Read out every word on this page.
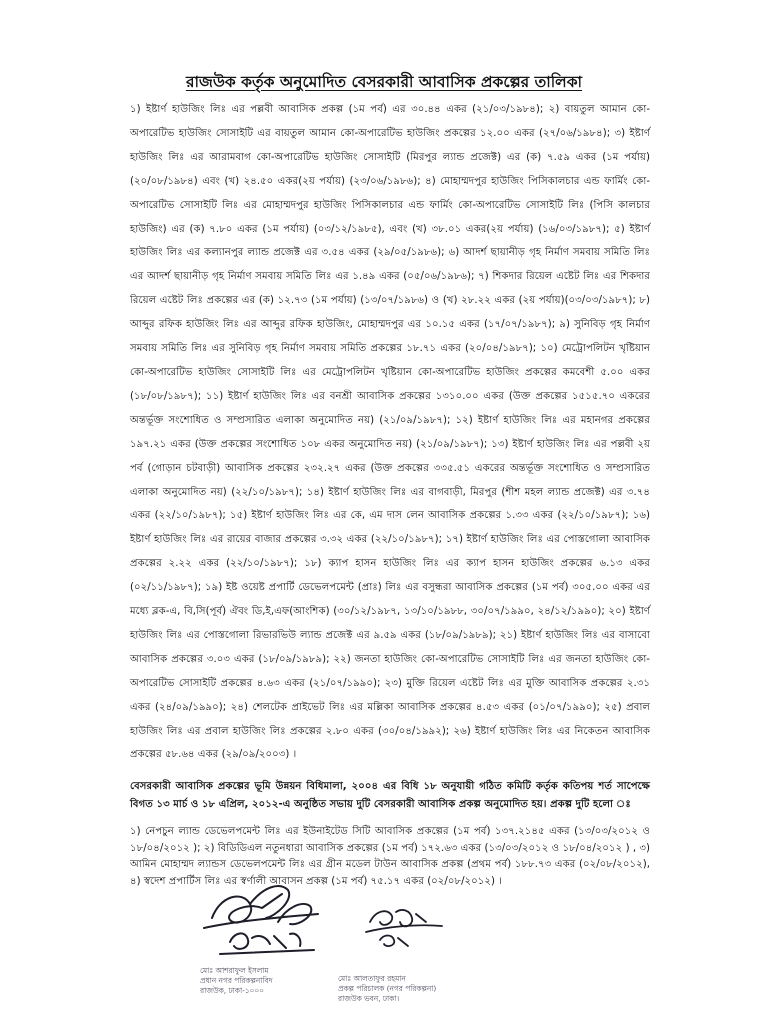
রাজউক কর্তৃক অনুমোদিত বেসরকারী আবাসিক প্রকল্পের তালিকা
১) ইষ্টার্ণ হাউজিং লিঃ এর পল্লবী আবাসিক প্রকল্প (১ম পর্ব) এর ৩০.৪৪ একর (২১/০৩/১৯৮৪); ২) বায়তুল আমান কো-অপারেটিভ হাউজিং সোসাইটি এর বায়তুল আমান কো-অপারেটিভ হাউজিং প্রকল্পের ১২.০০ একর (২৭/০৬/১৯৮৪); ৩) ইষ্টার্ণ হাউজিং লিঃ এর আরামবাগ কো-অপারেটিভ হাউজিং সোসাইটি (মিরপুর ল্যান্ড প্রজেক্ট) এর (ক) ৭.৫৯ একর (১ম পর্যায়) (২০/০৮/১৯৮৪) এবং (খ) ২৪.৫০ একর(২য় পর্যায়) (২৩/০৬/১৯৮৬); ৪) মোহাম্মদপুর হাউজিং পিসিকালচার এন্ড ফার্মিং কো-অপারেটিভ সোসাইটি লিঃ এর মোহাম্মদপুর হাউজিং পিসিকালচার এন্ড ফার্মিং কো-অপারেটিভ সোসাইটি লিঃ (পিসি কালচার হাউজিং) এর (ক) ৭.৮০ একর (১ম পর্যায়) (০৩/১২/১৯৮৫), এবং (খ) ৩৮.০১ একর(২য় পর্যায়) (১৬/০৩/১৯৮৭); ৫) ইষ্টার্ণ হাউজিং লিঃ এর কল্যানপুর ল্যান্ড প্রজেক্ট এর ৩.৫৪ একর (২৯/০৫/১৯৮৬); ৬) আদর্শ ছায়ানীড় গৃহ নির্মাণ সমবায় সমিতি লিঃ এর আদর্শ ছায়ানীড় গৃহ নির্মাণ সমবায় সমিতি লিঃ এর ১.৪৯ একর (০৫/০৬/১৯৮৬); ৭) শিকদার রিয়েল এষ্টেট লিঃ এর শিকদার রিয়েল এষ্টেট লিঃ প্রকল্পের এর (ক) ১২.৭৩ (১ম পর্যায়) (১৩/০৭/১৯৮৬) ও (খ) ২৮.২২ একর (২য় পর্যায়)(০৩/০৩/১৯৮৭); ৮) আব্দুর রফিক হাউজিং লিঃ এর আব্দুর রফিক হাউজিং, মোহাম্মদপুর এর ১০.১৫ একর (১৭/০৭/১৯৮৭); ৯) সুনিবিড় গৃহ নির্মাণ সমবায় সমিতি লিঃ এর সুনিবিড় গৃহ নির্মাণ সমবায় সমিতি প্রকল্পের ১৮.৭১ একর (২০/০৪/১৯৮৭); ১০) মেট্রোপলিটন খৃষ্টিয়ান কো-অপারেটিভ হাউজিং সোসাইটি লিঃ এর মেট্রোপলিটন খৃষ্টিয়ান কো-অপারেটিভ হাউজিং প্রকল্পের কমবেশী ৫.০০ একর (১৮/০৮/১৯৮৭); ১১) ইষ্টার্ণ হাউজিং লিঃ এর বনশ্রী আবাসিক প্রকল্পের ১৩১০.০০ একর (উক্ত প্রকল্পের ১৫১৫.৭০ একরের অন্তর্ভূক্ত সংশোধিত ও সম্প্রসারিত এলাকা অনুমোদিত নয়) (২১/০৯/১৯৮৭); ১২) ইষ্টার্ণ হাউজিং লিঃ এর মহানগর প্রকল্পের ১৯৭.২১ একর (উক্ত প্রকল্পের সংশোধিত ১০৮ একর অনুমোদিত নয়) (২১/০৯/১৯৮৭); ১৩) ইষ্টার্ণ হাউজিং লিঃ এর পল্লবী ২য় পর্ব (গোড়ান চটবাড়ী) আবাসিক প্রকল্পের ২৩২.২৭ একর (উক্ত প্রকল্পের ৩৩৫.৫১ একরের অন্তর্ভূক্ত সংশোধিত ও সম্প্রসারিত এলাকা অনুমোদিত নয়) (২২/১০/১৯৮৭); ১৪) ইষ্টার্ণ হাউজিং লিঃ এর বাগবাড়ী, মিরপুর (শীশ মহল ল্যান্ড প্রজেক্ট) এর ৩.৭৪ একর (২২/১০/১৯৮৭); ১৫) ইষ্টার্ণ হাউজিং লিঃ এর কে, এম দাস লেন আবাসিক প্রকল্পের ১.৩৩ একর (২২/১০/১৯৮৭); ১৬) ইষ্টার্ণ হাউজিং লিঃ এর রায়ের বাজার প্রকল্পের ৩.৩২ একর (২২/১০/১৯৮৭); ১৭) ইষ্টার্ণ হাউজিং লিঃ এর পোস্তগোলা আবাসিক প্রকল্পের ২.২২ একর (২২/১০/১৯৮৭); ১৮) ক্যাপ হাসন হাউজিং লিঃ এর ক্যাপ হাসন হাউজিং প্রকল্পের ৬.১৩ একর (০২/১১/১৯৮৭); ১৯) ইষ্ট ওয়েষ্ট প্রপার্টি ডেভেলপমেন্ট (প্রাঃ) লিঃ এর বসুন্ধরা আবাসিক প্রকল্পের (১ম পর্ব) ৩০৫.০০ একর এর মধ্যে ব্লক-এ, বি,সি(পূর্ব) ঐবং ডি,ই,এফ(আংশিক) (৩০/১২/১৯৮৭, ১৩/১০/১৯৮৮, ৩০/০৭/১৯৯০, ২৪/১২/১৯৯০); ২০) ইষ্টার্ণ হাউজিং লিঃ এর পোস্তগোলা রিভারভিউ ল্যান্ড প্রজেক্ট এর ৯.৫৯ একর (১৮/০৯/১৯৮৯); ২১) ইষ্টার্ণ হাউজিং লিঃ এর বাসাবো আবাসিক প্রকল্পের ৩.০৩ একর (১৮/০৯/১৯৮৯); ২২) জনতা হাউজিং কো-অপারেটিভ সোসাইটি লিঃ এর জনতা হাউজিং কো-অপারেটিভ সোসাইটি প্রকল্পের ৪.৬৩ একর (২১/০৭/১৯৯০); ২৩) মুক্তি রিয়েল এষ্টেট লিঃ এর মুক্তি আবাসিক প্রকল্পের ২.৩১ একর (২৪/০৯/১৯৯০); ২৪) শেলটেক প্রাইভেট লিঃ এর মল্লিকা আবাসিক প্রকল্পের ৪.৫৩ একর (০১/০৭/১৯৯০); ২৫) প্রবাল হাউজিং লিঃ এর প্রবাল হাউজিং লিঃ প্রকল্পের ২.৮০ একর (৩০/০৪/১৯৯২); ২৬) ইষ্টার্ণ হাউজিং লিঃ এর নিকেতন আবাসিক প্রকল্পের ৫৮.৬৪ একর (২৯/০৯/২০০৩) ।
বেসরকারী আবাসিক প্রকল্পের ভূমি উন্নয়ন বিধিমালা, ২০০৪ এর বিধি ১৮ অনুযায়ী গঠিত কমিটি কর্তৃক কতিপয় শর্ত সাপেক্ষে বিগত ১৩ মার্চ ও ১৮ এপ্রিল, ২০১২-এ অনুষ্ঠিত সভায় দুটি বেসরকারী আবাসিক প্রকল্প অনুমোদিত হয়। প্রকল্প দুটি হলো ঃ
১) নেপচুন ল্যান্ড ডেভেলপমেন্ট লিঃ এর ইউনাইটেড সিটি আবাসিক প্রকল্পের (১ম পর্ব) ১৩৭.২১৪৫ একর (১৩/০৩/২০১২ ও ১৮/০৪/২০১২ ); ২) বিডিডিএল নতুনধারা আবাসিক প্রকল্পের (১ম পর্ব) ১৭২.৬৩ একর (১৩/০৩/২০১২ ও ১৮/০৪/২০১২ ) , ৩) আমিন মোহাম্মদ ল্যান্ডস ডেভেলপমেন্ট লিঃ এর গ্রীন মডেল টাউন আবাসিক প্রকল্প (প্রথম পর্ব) ১৮৮.৭৩ একর (০২/০৮/২০১২), ৪) স্বদেশ প্রপার্টিস লিঃ এর স্বর্ণালী আবাসন প্রকল্প (১ম পর্ব) ৭৫.১৭ একর (০২/০৮/২০১২) ।
মোঃ আশরাফুল ইসলাম
প্রধান নগর পরিকল্পনাবিদ
রাজউক, ঢাকা-১০০০
মোঃ আলতাফুর রহমান
প্রকল্প পরিচালক (নগর পরিকল্পনা)
রাজউক ভবন, ঢাকা।
